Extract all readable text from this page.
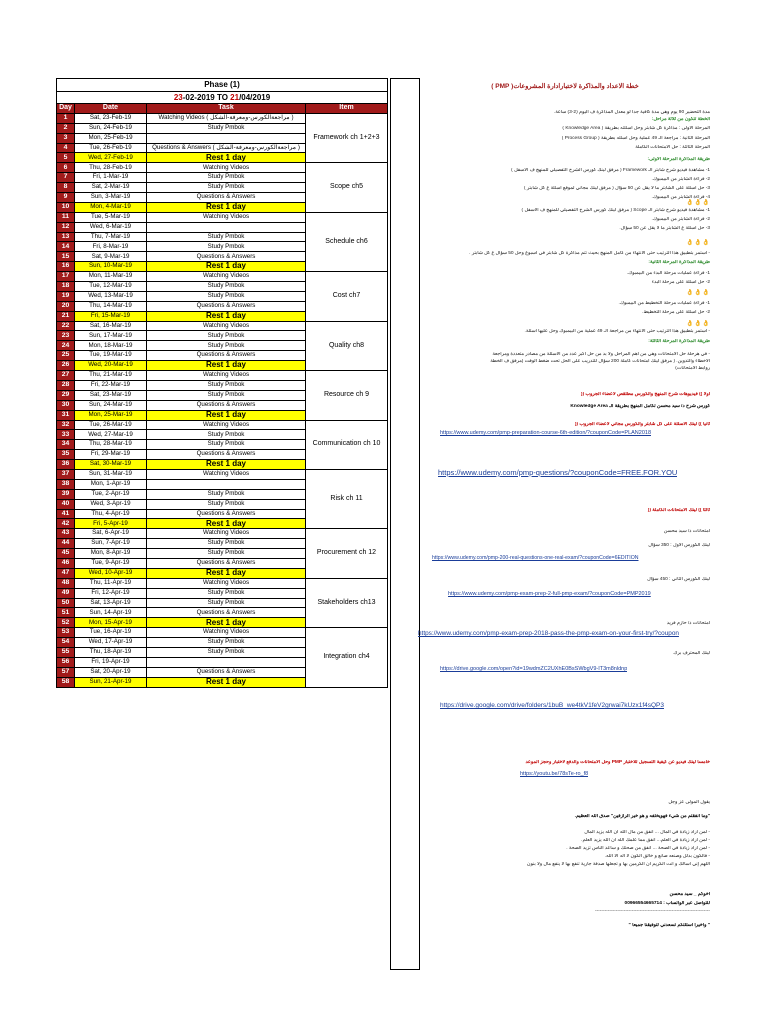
Phase (1)			
23-02-2019 TO 21/04/2019			
Day	Date	Task	Item
1	Sat, 23-Feb-19	Watching Videos ( مراجعةالكورس-ومعرفة-الشكل )	Framework ch 1+2+3
2	Sun, 24-Feb-19	Study Pmbok	
3	Mon, 25-Feb-19		
4	Tue, 26-Feb-19	Questions & Answers ( مراجعةالكورس-ومعرفة-الشكل )	
5	Wed, 27-Feb-19	Rest 1 day	
6	Thu, 28-Feb-19	Watching Videos	Scope ch5
7	Fri, 1-Mar-19	Study Pmbok	
8	Sat, 2-Mar-19	Study Pmbok	
9	Sun, 3-Mar-19	Questions & Answers	
10	Mon, 4-Mar-19	Rest 1 day	
11	Tue, 5-Mar-19	Watching Videos	Schedule ch6
12	Wed, 6-Mar-19		
13	Thu, 7-Mar-19	Study Pmbok	
14	Fri, 8-Mar-19	Study Pmbok	
15	Sat, 9-Mar-19	Questions & Answers	
16	Sun, 10-Mar-19	Rest 1 day	
17	Mon, 11-Mar-19	Watching Videos	Cost ch7
18	Tue, 12-Mar-19	Study Pmbok	
19	Wed, 13-Mar-19	Study Pmbok	
20	Thu, 14-Mar-19	Questions & Answers	
21	Fri, 15-Mar-19	Rest 1 day	
22	Sat, 16-Mar-19	Watching Videos	Quality ch8
23	Sun, 17-Mar-19	Study Pmbok	
24	Mon, 18-Mar-19	Study Pmbok	
25	Tue, 19-Mar-19	Questions & Answers	
26	Wed, 20-Mar-19	Rest 1 day	
27	Thu, 21-Mar-19	Watching Videos	Resource ch 9
28	Fri, 22-Mar-19	Study Pmbok	
29	Sat, 23-Mar-19	Study Pmbok	
30	Sun, 24-Mar-19	Questions & Answers	
31	Mon, 25-Mar-19	Rest 1 day	
32	Tue, 26-Mar-19	Watching Videos	Communication ch 10
33	Wed, 27-Mar-19	Study Pmbok	
34	Thu, 28-Mar-19	Study Pmbok	
35	Fri, 29-Mar-19	Questions & Answers	
36	Sat, 30-Mar-19	Rest 1 day	
37	Sun, 31-Mar-19	Watching Videos	Risk ch 11
38	Mon, 1-Apr-19		
39	Tue, 2-Apr-19	Study Pmbok	
40	Wed, 3-Apr-19	Study Pmbok	
41	Thu, 4-Apr-19	Questions & Answers	
42	Fri, 5-Apr-19	Rest 1 day	
43	Sat, 6-Apr-19	Watching Videos	Procurement ch 12
44	Sun, 7-Apr-19	Study Pmbok	
45	Mon, 8-Apr-19	Study Pmbok	
46	Tue, 9-Apr-19	Questions & Answers	
47	Wed, 10-Apr-19	Rest 1 day	
48	Thu, 11-Apr-19	Watching Videos	Stakeholders ch13
49	Fri, 12-Apr-19	Study Pmbok	
50	Sat, 13-Apr-19	Study Pmbok	
51	Sun, 14-Apr-19	Questions & Answers	
52	Mon, 15-Apr-19	Rest 1 day	
53	Tue, 16-Apr-19	Watching Videos	Integration ch4
54	Wed, 17-Apr-19	Study Pmbok	
55	Thu, 18-Apr-19	Study Pmbok	
56	Fri, 19-Apr-19		
57	Sat, 20-Apr-19	Questions & Answers	
58	Sun, 21-Apr-19	Rest 1 day	
خطة الاعداد والمذاكرة لاختبارادارة المشروعات( PMP )
مدة التحضير 90 يوم وهي مدة كافية جدا لو معدل المذاكرة ف اليوم (2-3) ساعة.
الخطة تتكون من ثلاثة مراحل:
المرحلة الاولى : مذاكرة كل شابتر وحل اسئلته بطريقة ( Knowledge Area )
المرحلة الثانية : مراجعة الـ 49 عملية وحل اسئله بطريقة ( Process Group )
المرحلة الثالثة : حل الامتحانات الكاملة
طريقة المذاكرة المرحلة الأولى:
1- مشاهدة فيديو شرح شابتر الـ Framework ( مرفق لينك كورس الشرح التفصيلي للمنهج ف الاسفل )
2- قراءة الشابتر من البيمبوك.
3- حل اسئلة على الشابتر ما لا يقل عن 50 سؤال ( مرفق لينك مجاني لموقع اسئلة ع كل شابتر )
4- قراءة الشابتر من البيمبوك.
1- مشاهدة فيديو شرح شابتر الـ Scope ( مرفق لينك كورس الشرح التفصيلي للمنهج ف الاسفل )
2- قراءة الشابتر من البيمبوك.
3- حل اسئلة ع الشابتر ما لا يقل عن 50 سؤال.
- استمر بتطبيق هذا الترتيب حتى الانتهاء من كامل المنهج بحيث تتم مذاكرة كل شابتر في اسبوع وحل 50 سؤال ع كل شابتر .
طريقة المذاكرة المرحلة الثانية:
1- قراءة عمليات مرحلة البدء من البيمبوك.
2- حل اسئلة على مرحلة البدء
1- قراءة عمليات مرحلة التخطيط من البيمبوك.
2- حل اسئلة على مرحلة التخطيط.
- استمر بتطبيق هذا الترتيب حتى الانتهاء من مراجعة الـ 49 عملية من البيمبوك وحل عليها اسئلة.
طريقة المذاكرة المرحلة الثالثة:
- في هرحلة حل الامتحانات وهي من اهم المراحل ولا بد من حل اكبر عدد من الاسئلة من مصادر متعددة ومراجعة
الاخطاء والتدوين. ( مرفق لينك امتحانات كاملة 200 سؤال للتدريب على الحل تحت ضغط الوقت (مرفق ف الخطة
روابط الامتحانات)
أولا )) فيديوهات شرح المنهج والكورس مطلقص لاعضاء الجروب ((
كورس شرح د/ سيد محسن تكامل المنهج بطريقة الـ Knowledge Area
ثانيا )) لينك الاسئلة على كل شابتر والكورس مجاني لاعضاء الجروب ((
ثالثا )) لينك الامتحانات الكاملة ((
امتحانات د/ سيد محسن
لينك الكورس الاول : 350 سؤال
لينك الكورس الثاني : 450 سؤال
امتحانات د/ حازم فريد
لينك المحترف برك
خامسا لينك فيديو عن كيفية التسجيل للاختبار PMP وحل الامتحانات والدفع لاختبار وحجز الموعد
يقول المولى عز وجل
"وما أنفقتم من شيء فهويخلفه و هو خير الرازقين" صدق الله العظيم.
- لمن اراد زيادة في المال ... انفق من مال الله ان الله يزيد المال
- لمن اراد زيادة في العلم... انفق مما علمك الله ان الله يزيد العلم.
- لمن اراد زيادة في الصحة ... انفق من صحتك و ساعد الناس تزيد الصحة .
- فالكون بدلل وصنعه صانع و خالق الكون لا اله الا الله.
اللهم إني أسألك و أنت الكريم ان الكرمين بها و تجعلها صدقة جارية تنفع بها لا ينفع مال ولا بنون
اخوكم _ سيد محسن
للتواصل عبر الواتساب : 00966554665714
------------------------------------------------------------------------
" واخيرا اسئلتكم تسعدني لتوفيقنا جميعا "
👌👌👌
👌👌👌
👌👌👌
👌👌👌
https://www.udemy.com/pmp-preparation-course-6th-edition/?couponCode=PLAN2018
https://www.udemy.com/pmp-questions/?couponCode=FREE.FOR.YOU
https://www.udemy.com/pmp-200-real-questions-one-real-exam/?couponCode=6EDITION
https://www.udemy.com/pmp-exam-prep-2-full-pmp-exam/?couponCode=PMP2019
https://www.udemy.com/pmp-exam-prep-2018-pass-the-pmp-exam-on-your-first-try/?coupon
https://drive.google.com/open?id=19wdmZC2UXhE0BsSWbgV9-IT3m8nldnp
https://drive.google.com/drive/folders/1buB_we4tkV1feV2grwai7kUzx1f4sQP3
https://youtu.be/78sTe-ro_f8
